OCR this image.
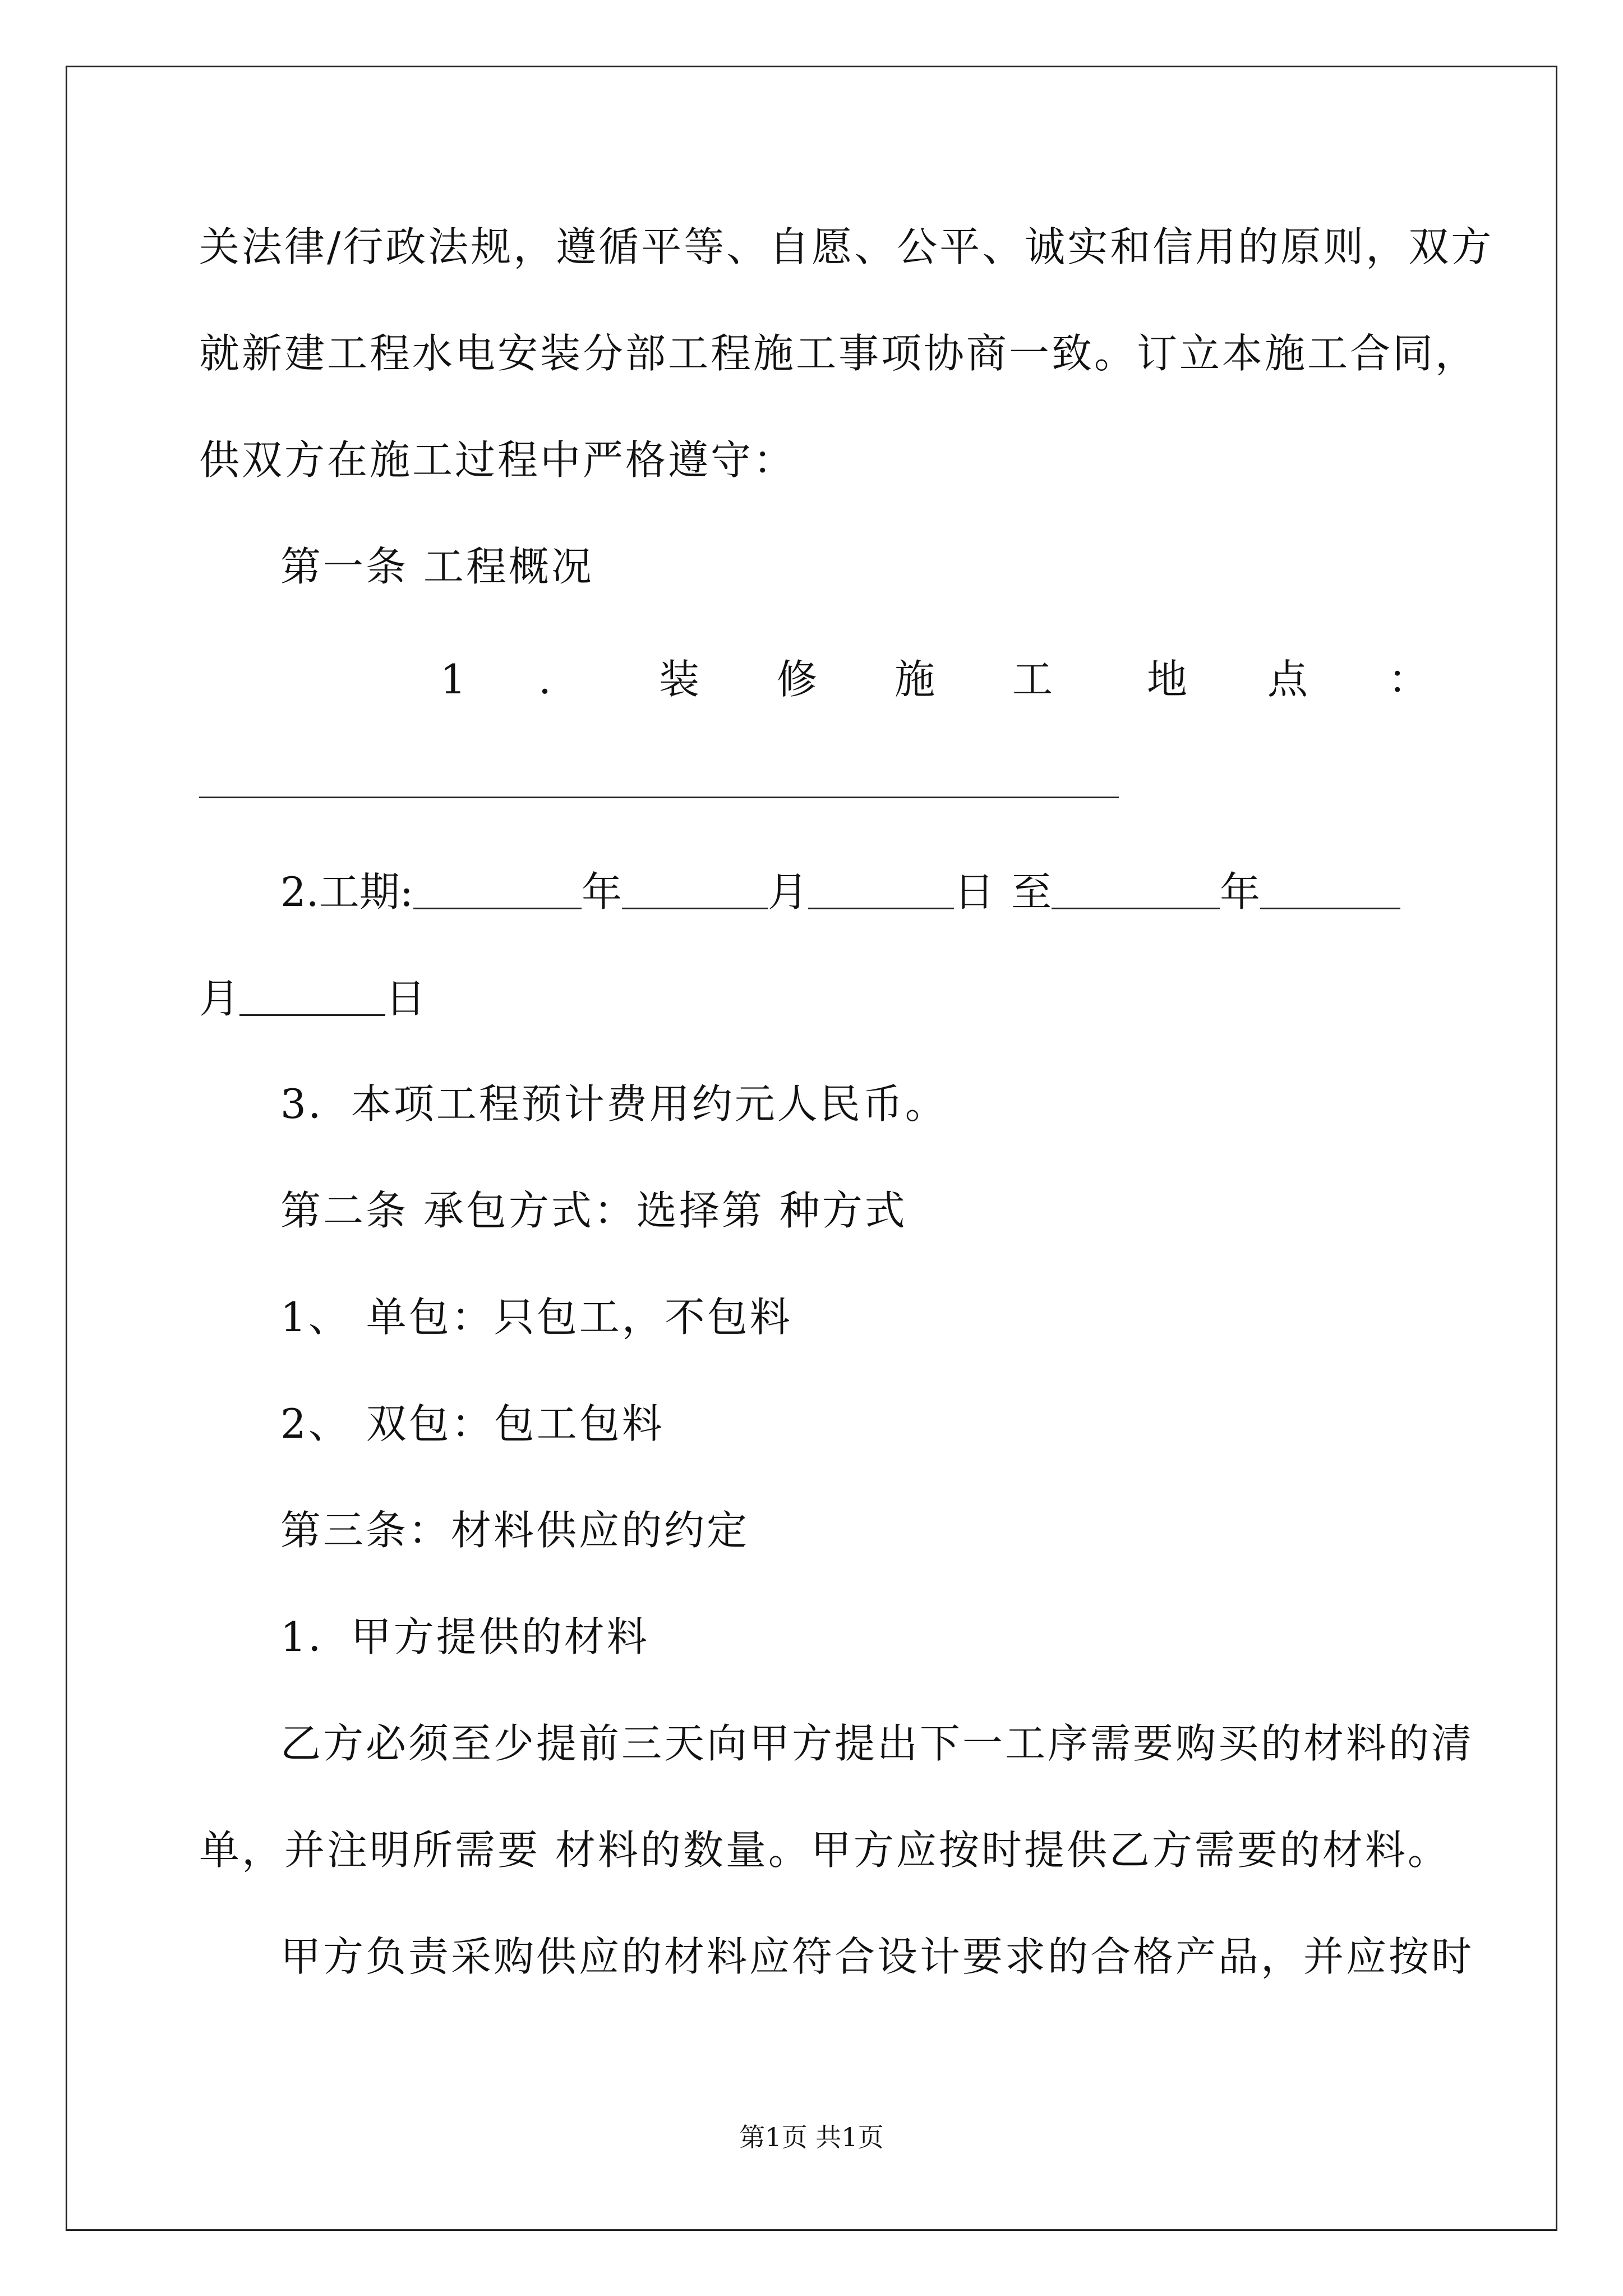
关法律/行政法规，遵循平等、自愿、公平、诚实和信用的原则，双方
就新建工程水电安装分部工程施工事项协商一致。订立本施工合同，
供双方在施工过程中严格遵守：
第一条 工程概况
1 .	装 修 施 工 地 点 ：
2.工期:	年	月	日 至	年
月	日
3．本项工程预计费用约元人民币。
第二条 承包方式：选择第 种方式
1、 单包：只包工，不包料
2、 双包：包工包料
第三条：材料供应的约定
1．甲方提供的材料
乙方必须至少提前三天向甲方提出下一工序需要购买的材料的清
单，并注明所需要 材料的数量。甲方应按时提供乙方需要的材料。
甲方负责采购供应的材料应符合设计要求的合格产品，并应按时
第1页 共1页
